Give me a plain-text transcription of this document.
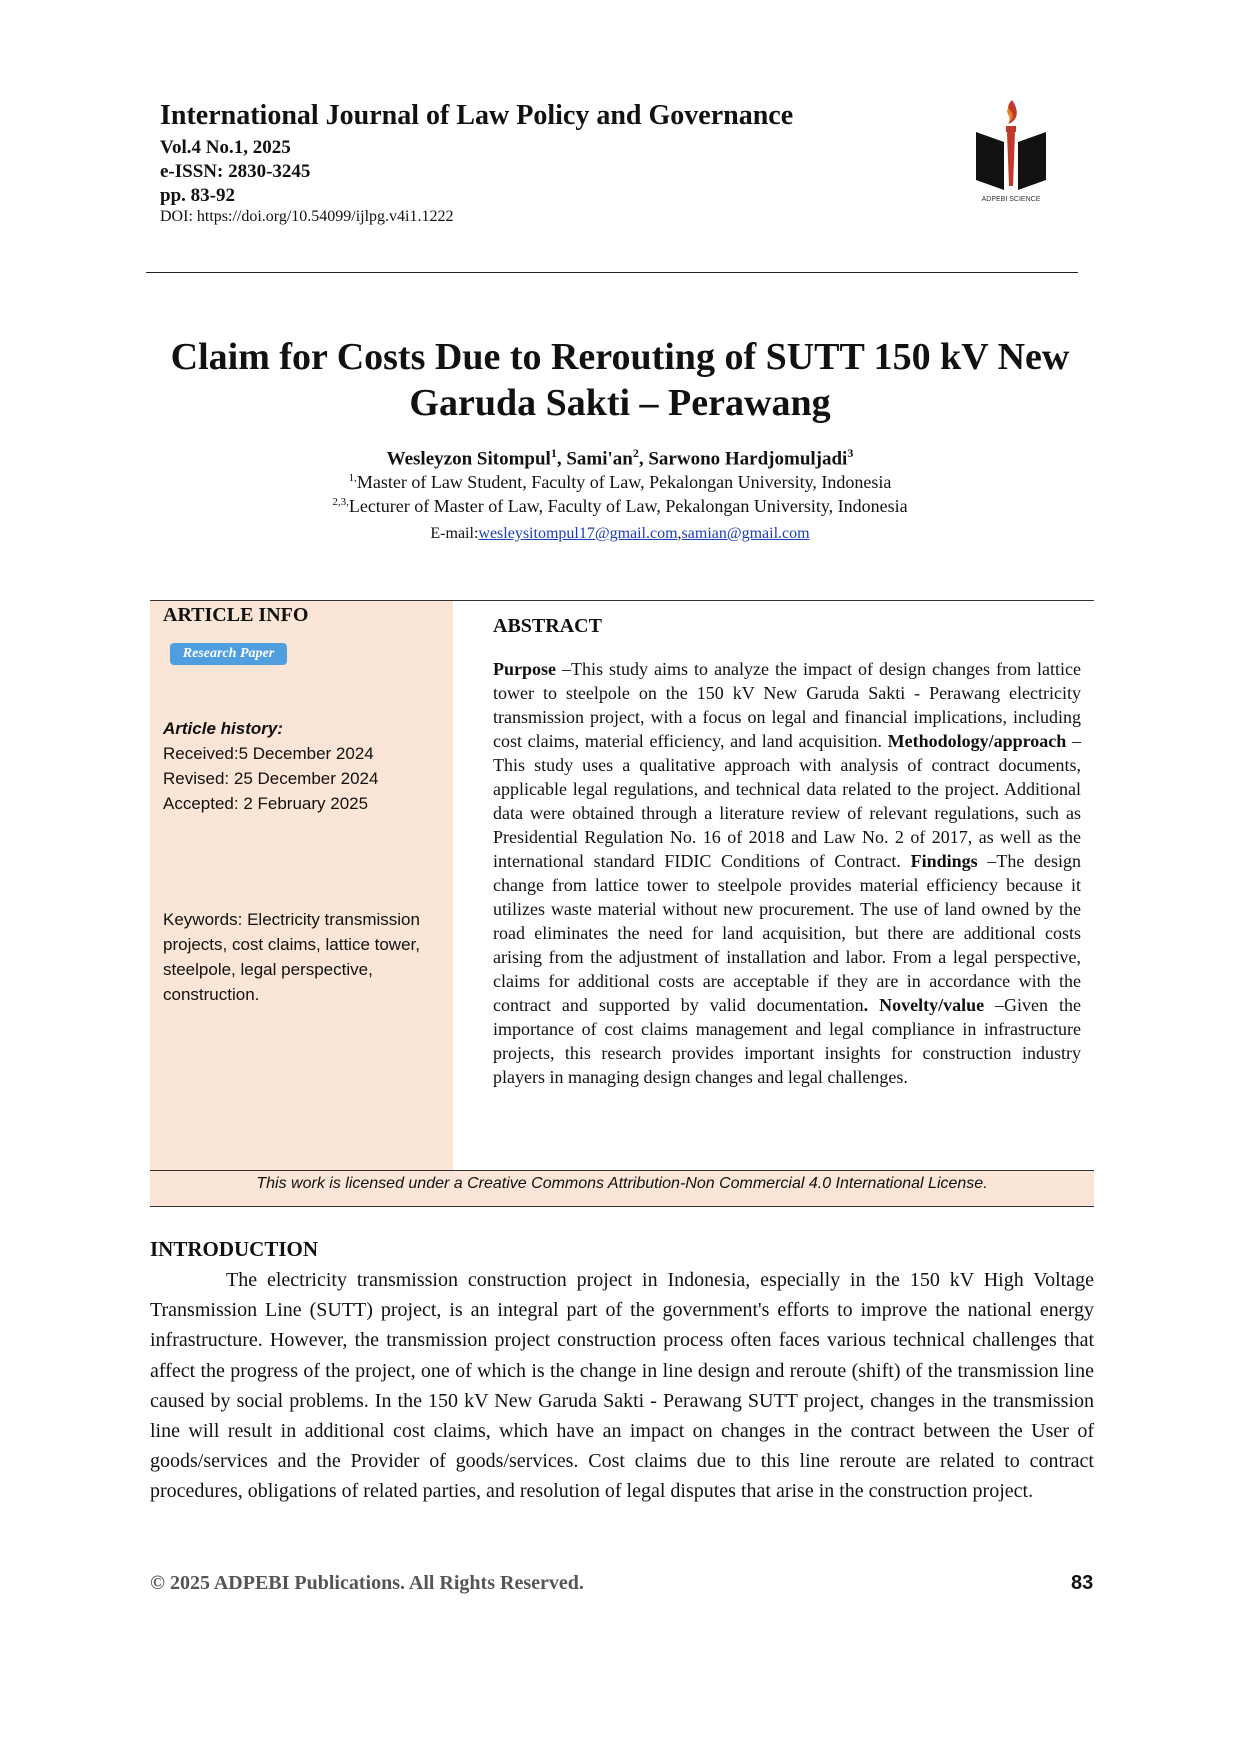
International Journal of Law Policy and Governance
Vol.4 No.1, 2025
e-ISSN: 2830-3245
pp. 83-92
DOI: https://doi.org/10.54099/ijlpg.v4i1.1222
ADPEBI SCIENCE
Claim for Costs Due to Rerouting of SUTT 150 kV New
Garuda Sakti – Perawang
Wesleyzon Sitompul$^1$, $Sami'an^2$, Sarwono Hardjomuljadi$^3$
$^{1,}$Master of Law Student, Faculty of Law, Pekalongan University, Indonesia
$^{2,3,}$Lecturer of Master of Law, Faculty of Law, Pekalongan University, Indonesia
E-mail:wesleysitompul17@gmail.com,samian@gmail.com
ARTICLE INFO
Research Paper
Article history:
Received:5 December 2024
Revised: 25 December 2024
Accepted: 2 February 2025
Keywords: Electricity transmission projects, cost claims, lattice tower, steelpole, legal perspective, construction.
ABSTRACT
Purpose –This study aims to analyze the impact of design changes from lattice tower to steelpole on the 150 kV New Garuda Sakti - Perawang electricity transmission project, with a focus on legal and financial implications, including cost claims, material efficiency, and land acquisition. Methodology/approach –This study uses a qualitative approach with analysis of contract documents, applicable legal regulations, and technical data related to the project. Additional data were obtained through a literature review of relevant regulations, such as Presidential Regulation No. 16 of 2018 and Law No. 2 of 2017, as well as the international standard FIDIC Conditions of Contract. Findings –The design change from lattice tower to steelpole provides material efficiency because it utilizes waste material without new procurement. The use of land owned by the road eliminates the need for land acquisition, but there are additional costs arising from the adjustment of installation and labor. From a legal perspective, claims for additional costs are acceptable if they are in accordance with the contract and supported by valid documentation. Novelty/value –Given the importance of cost claims management and legal compliance in infrastructure projects, this research provides important insights for construction industry players in managing design changes and legal challenges.
This work is licensed under a Creative Commons Attribution-Non Commercial 4.0 International License.
INTRODUCTION
The electricity transmission construction project in Indonesia, especially in the 150 kV High Voltage Transmission Line (SUTT) project, is an integral part of the government's efforts to improve the national energy infrastructure. However, the transmission project construction process often faces various technical challenges that affect the progress of the project, one of which is the change in line design and reroute (shift) of the transmission line caused by social problems. In the 150 kV New Garuda Sakti - Perawang SUTT project, changes in the transmission line will result in additional cost claims, which have an impact on changes in the contract between the User of goods/services and the Provider of goods/services. Cost claims due to this line reroute are related to contract procedures, obligations of related parties, and resolution of legal disputes that arise in the construction project.
© 2025 ADPEBI Publications. All Rights Reserved.	83
